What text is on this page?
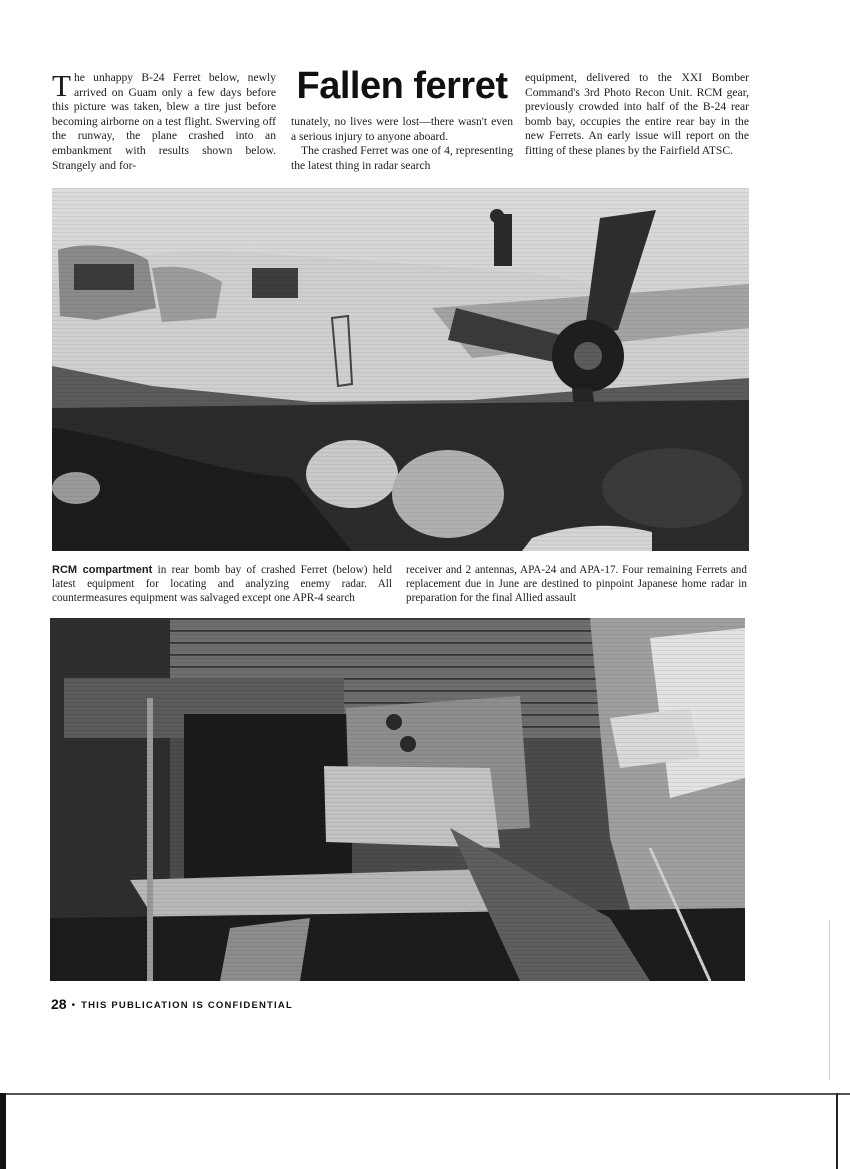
The unhappy B-24 Ferret below, newly arrived on Guam only a few days before this picture was taken, blew a tire just before becoming airborne on a test flight. Swerving off the runway, the plane crashed into an embankment with results shown below. Strangely and for-

Fallen ferret

tunately, no lives were lost—there wasn't even a serious injury to anyone aboard.

The crashed Ferret was one of 4, representing the latest thing in radar search

equipment, delivered to the XXI Bomber Command's 3rd Photo Recon Unit. RCM gear, previously crowded into half of the B-24 rear bomb bay, occupies the entire rear bay in the new Ferrets. An early issue will report on the fitting of these planes by the Fairfield ATSC.

RCM compartment in rear bomb bay of crashed Ferret (below) held latest equipment for locating and analyzing enemy radar. All countermeasures equipment was salvaged except one APR-4 search
receiver and 2 antennas, APA-24 and APA-17. Four remaining Ferrets and replacement due in June are destined to pinpoint Japanese home radar in preparation for the final Allied assault
28 • THIS PUBLICATION IS CONFIDENTIAL
